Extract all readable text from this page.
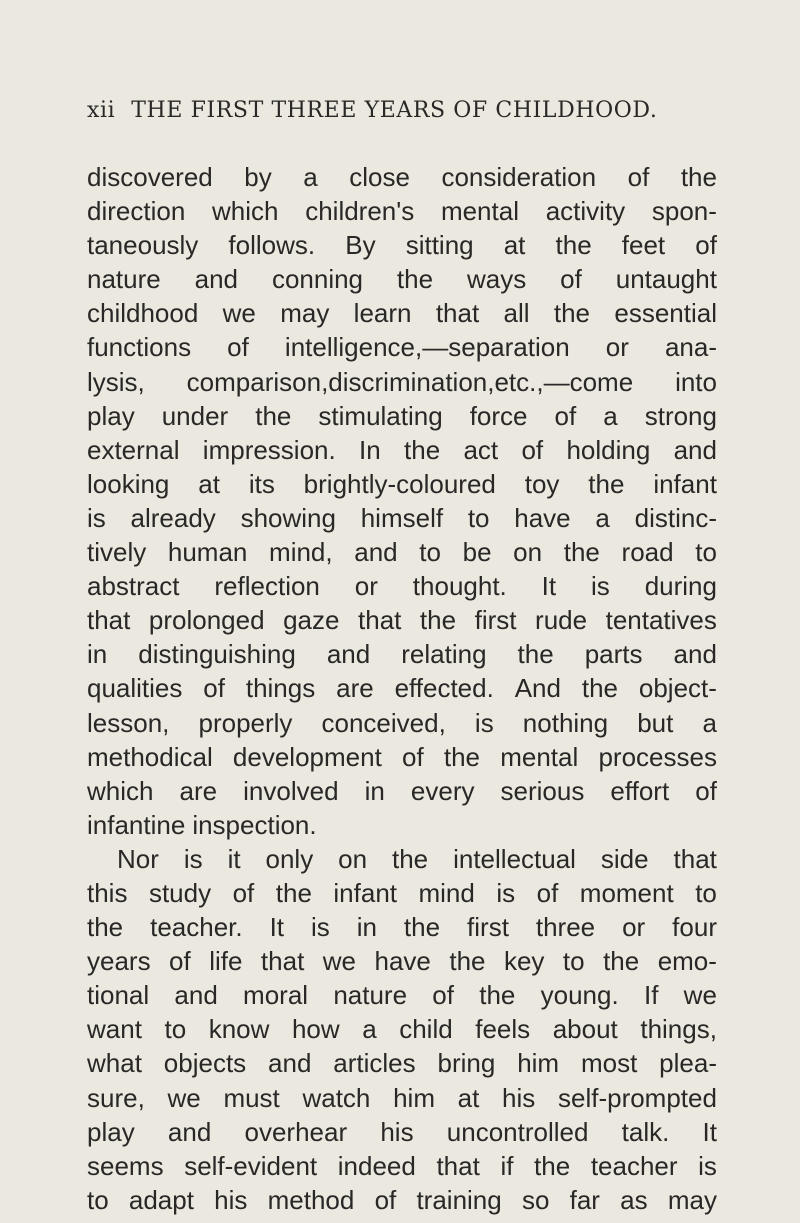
xii THE FIRST THREE YEARS OF CHILDHOOD.
discovered by a close consideration of the
direction which children's mental activity spon-
taneously follows. By sitting at the feet of
nature and conning the ways of untaught
childhood we may learn that all the essential
functions of intelligence,—separation or ana-
lysis, comparison,discrimination,etc.,—come into
play under the stimulating force of a strong
external impression. In the act of holding and
looking at its brightly-coloured toy the infant
is already showing himself to have a distinc-
tively human mind, and to be on the road to
abstract reflection or thought. It is during
that prolonged gaze that the first rude tentatives
in distinguishing and relating the parts and
qualities of things are effected. And the object-
lesson, properly conceived, is nothing but a
methodical development of the mental processes
which are involved in every serious effort of
infantine inspection.
Nor is it only on the intellectual side that
this study of the infant mind is of moment to
the teacher. It is in the first three or four
years of life that we have the key to the emo-
tional and moral nature of the young. If we
want to know how a child feels about things,
what objects and articles bring him most plea-
sure, we must watch him at his self-prompted
play and overhear his uncontrolled talk. It
seems self-evident indeed that if the teacher is
to adapt his method of training so far as may
